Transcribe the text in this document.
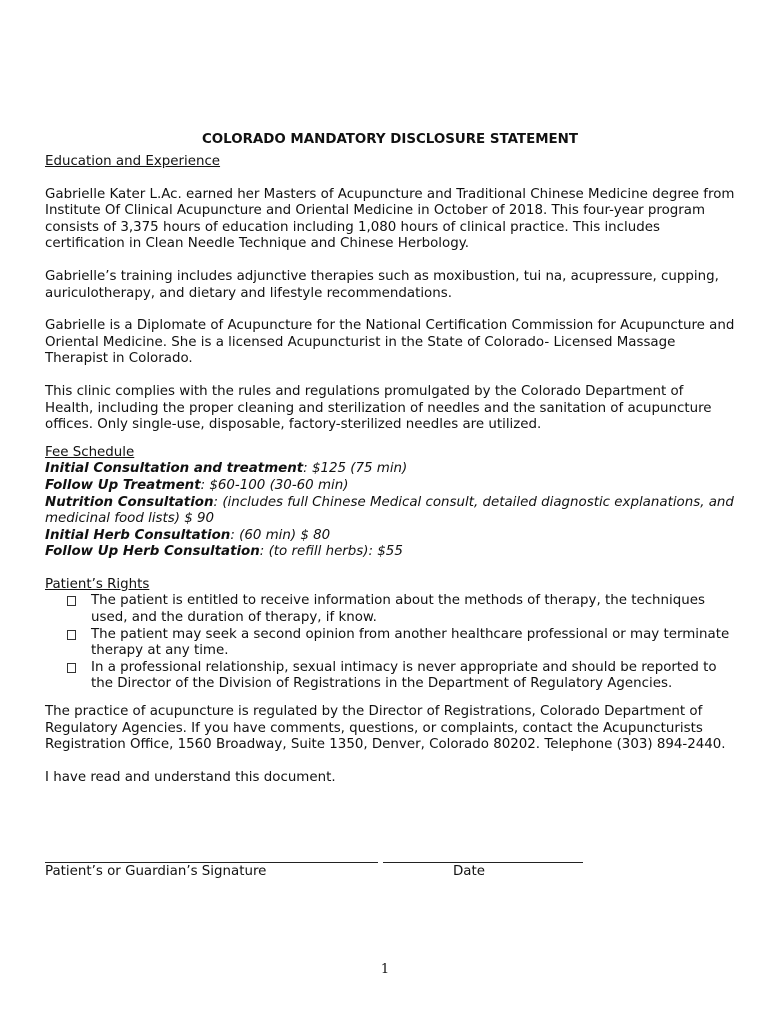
COLORADO MANDATORY DISCLOSURE STATEMENT

Education and Experience

Gabrielle Kater L.Ac. earned her Masters of Acupuncture and Traditional Chinese Medicine degree from Institute Of Clinical Acupuncture and Oriental Medicine in October of 2018. This four-year program consists of 3,375 hours of education including 1,080 hours of clinical practice. This includes certification in Clean Needle Technique and Chinese Herbology.

Gabrielle’s training includes adjunctive therapies such as moxibustion, tui na, acupressure, cupping, auriculotherapy, and dietary and lifestyle recommendations.

Gabrielle is a Diplomate of Acupuncture for the National Certification Commission for Acupuncture and Oriental Medicine. She is a licensed Acupuncturist in the State of Colorado- Licensed Massage Therapist in Colorado.

This clinic complies with the rules and regulations promulgated by the Colorado Department of Health, including the proper cleaning and sterilization of needles and the sanitation of acupuncture offices. Only single-use, disposable, factory-sterilized needles are utilized.

Fee Schedule

Initial Consultation and treatment: $125 (75 min)

Follow Up Treatment: $60-100 (30-60 min)

Nutrition Consultation: (includes full Chinese Medical consult, detailed diagnostic explanations, and medicinal food lists) $ 90

Initial Herb Consultation: (60 min) $ 80

Follow Up Herb Consultation: (to refill herbs): $55

Patient’s Rights

The patient is entitled to receive information about the methods of therapy, the techniques used, and the duration of therapy, if know.
The patient may seek a second opinion from another healthcare professional or may terminate therapy at any time.
In a professional relationship, sexual intimacy is never appropriate and should be reported to the Director of the Division of Registrations in the Department of Regulatory Agencies.

The practice of acupuncture is regulated by the Director of Registrations, Colorado Department of Regulatory Agencies. If you have comments, questions, or complaints, contact the Acupuncturists Registration Office, 1560 Broadway, Suite 1350, Denver, Colorado 80202. Telephone (303) 894-2440.

I have read and understand this document.

Patient’s or Guardian’s Signature	Date
1
